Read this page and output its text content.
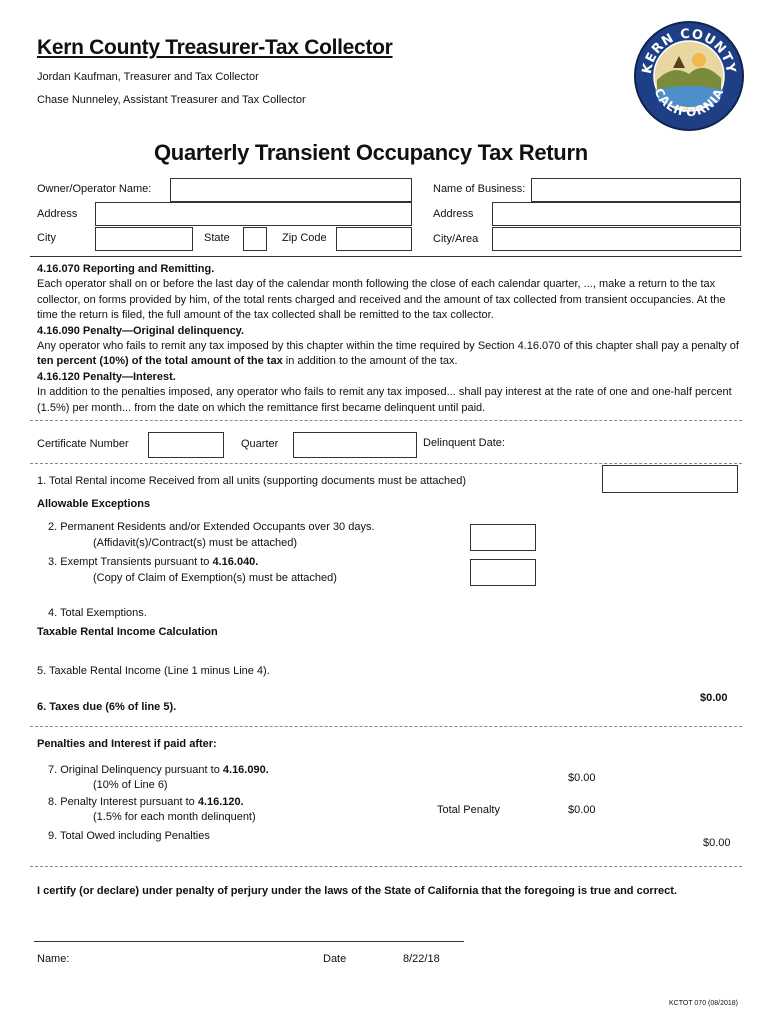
Kern County Treasurer-Tax Collector
Jordan Kaufman, Treasurer and Tax Collector
Chase Nunneley, Assistant Treasurer and Tax Collector
KERN COUNTY
CALIFORNIA
Quarterly Transient Occupancy Tax Return
Owner/Operator Name:
Address
City	State	Zip Code
Name of Business:
Address
City/Area

4.16.070 Reporting and Remitting.

Each operator shall on or before the last day of the calendar month following the close of each calendar quarter, ..., make a return to the tax collector, on forms provided by him, of the total rents charged and received and the amount of tax collected from transient occupancies. At the time the return is filed, the full amount of the tax collected shall be remitted to the tax collector.

4.16.090 Penalty—Original delinquency.

Any operator who fails to remit any tax imposed by this chapter within the time required by Section 4.16.070 of this chapter shall pay a penalty of ten percent (10%) of the total amount of the tax in addition to the amount of the tax.

4.16.120 Penalty—Interest.

In addition to the penalties imposed, any operator who fails to remit any tax imposed... shall pay interest at the rate of one and one-half percent (1.5%) per month... from the date on which the remittance first became delinquent until paid.

Certificate Number	Quarter	Delinquent Date:
1. Total Rental income Received from all units (supporting documents must be attached)
Allowable Exceptions
2. Permanent Residents and/or Extended Occupants over 30 days.
(Affidavit(s)/Contract(s) must be attached)
3. Exempt Transients pursuant to 4.16.040.
(Copy of Claim of Exemption(s) must be attached)
4. Total Exemptions.
Taxable Rental Income Calculation
5. Taxable Rental Income (Line 1 minus Line 4).
6. Taxes due (6% of line 5).
$0.00
Penalties and Interest if paid after:
7. Original Delinquency pursuant to 4.16.090.
(10% of Line 6)
$0.00
8. Penalty Interest pursuant to 4.16.120.
(1.5% for each month delinquent)
Total Penalty	$0.00
9. Total Owed including Penalties
$0.00
I certify (or declare) under penalty of perjury under the laws of the State of California that the foregoing is true and correct.
Name:	Date	8/22/18
KCTOT 070 (08/2018)
